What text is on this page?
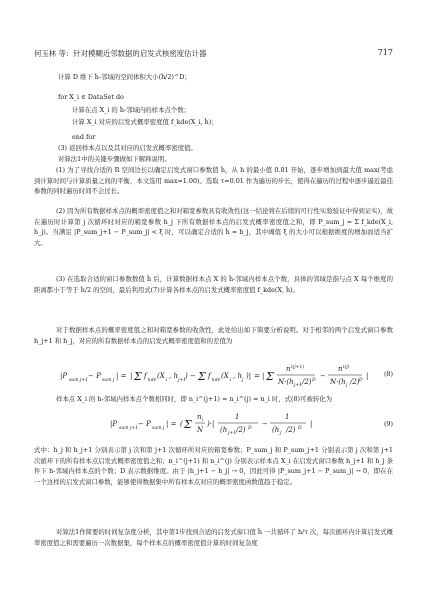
何玉林 等：针对模糊近邻数据的启发式核密度估计器	717
计算 D 维下 ĥ-邻域的空间体积大小(ĥ/2)^D；
for X_i ∈ DataSet do
计算在点 X_i 的 ĥ-邻域内的样本点个数；
计算 X_i 对应的启发式概率密度值 f_kde(X_i, ĥ)；
end for
(3) 返回样本点以及其对应的启发式概率密度值。
对算法1中的关键步骤做如下解释说明。
(1) 为了寻找合适的 R 空间边长以确定启发式窗口参数值 ĥ，从 h 的最小值 0.01 开始，逐步增加到最大值 max(考虑到计算时间与计算质量之间的平衡，本文选用 max=1.00)。选取 τ=0.01 作为遍历的步长，使得在遍历的过程中逐步逼近最佳参数的同时遍历时间不会过长。
(2) 因为所有数据样本点的概率密度值之和对箱宽参数具有收敛性(这一结论将在后续的可行性实验验证中得到证实)，故在遍历时计算第 j 次循环时对应的箱宽参数 h_j 下所有数据样本点的启发式概率密度值之和，即 P_sum_j = Σ f_kde(X_i, h_j)。当满足 |P_sum_j+1 − P_sum_j| < ξ 时，可以确定合适的 ĥ = h_j，其中阈值 ξ 的大小可以根据维度的增加而适当扩大。
(3) 在选取合适的窗口参数数值 ĥ 后，计算数据样本点 X 的 ĥ-邻域内样本点个数，具体的邻域是指与点 X 每个维度的距离都小于等于 ĥ/2 的空间，最后利用式(7)计算各样本点的启发式概率密度值 f_kde(X, ĥ)。
对于数据样本点的概率密度值之和对箱宽参数的收敛性，此处给出如下简要分析说明。对于相邻的两个启发式窗口参数 h_j+1 和 h_j，对应的所有数据样本点的启发式概率密度值和的差值为
|P
sum j+1
− P
sum j
| = | Σ f
kde
(X
i
, h
j+1
) − Σ f
kde
(X
i
, h
j
)| = | Σ
n i(j+1)
N·(h j+1 /2) D
−
n i(j)
N·(h j /2) D
| (8)
样本点 X_i 的 h-邻域内样本点个数相同时，即 n_i^(j+1) = n_i^(j) = n_i 时，式(8)可被转化为
|P
sum j+1
− P
sum j
| = ( Σ
n i
N
)·|
1
(h j+1 /2) D
−
1
(h j /2) D
|	(9)
式中：h_j 和 h_j+1 分别表示第 j 次和第 j+1 次循环所对应的箱宽参数；P_sum_j 和 P_sum_j+1 分别表示第 j 次和第 j+1 次循环下的所有样本点启发式概率密度值之和；n_i^(j+1) 和 n_i^(j) 分别表示样本点 X_i 在启发式窗口参数 h_j+1 和 h_j 条件下 h-邻域内样本点的个数；D 表示数据维度。由于 |h_j+1 − h_j| → 0，因此可得 |P_sum_j+1 − P_sum_j| → 0，即在在一个这样的启发式窗口参数，能够使得数据集中所有样本点对应的概率密度函数值趋于稳定。
对算法1作简要的时间复杂度分析，其中第1步找到合适的启发式窗口值 ĥ 一共循环了 h/τ 次，每次循环内计算启发式概率密度值之和需要遍历一次数据集，每个样本点的概率密度值计算的时间复杂度
